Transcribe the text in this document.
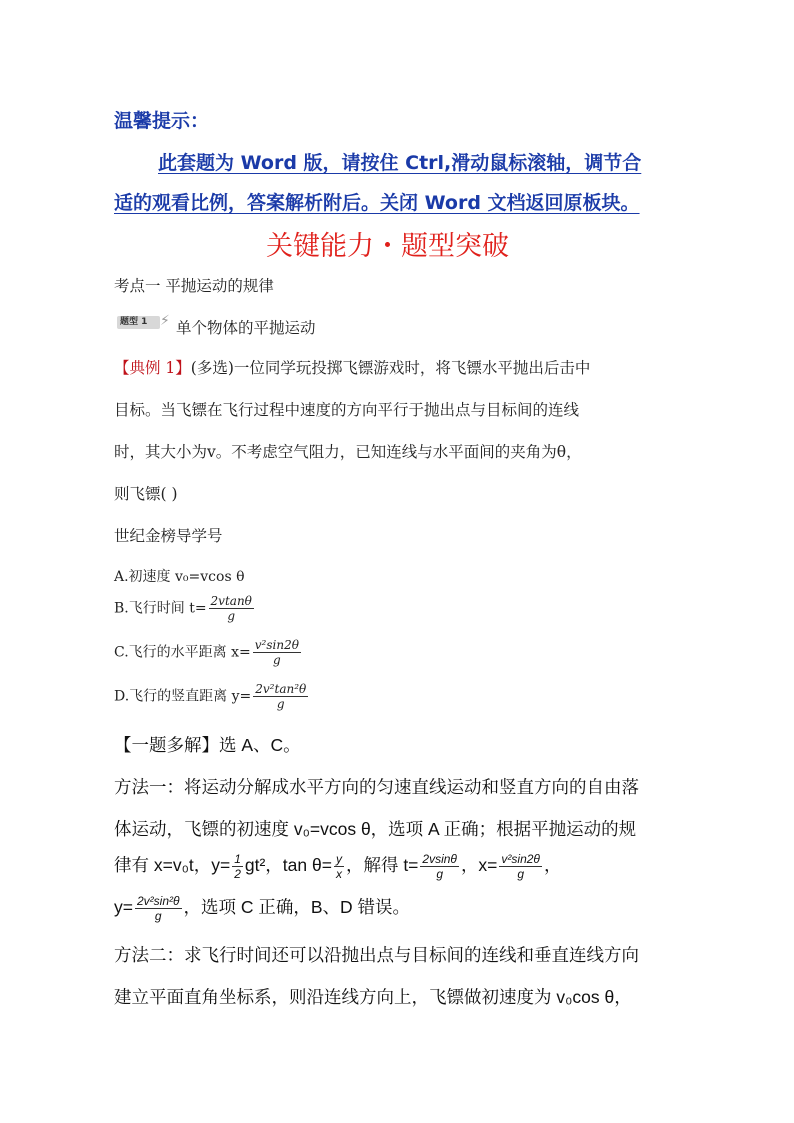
温馨提示：
此套题为 Word 版，请按住 Ctrl,滑动鼠标滚轴，调节合
适的观看比例，答案解析附后。关闭 Word 文档返回原板块。
关键能力・题型突破
考点一 平抛运动的规律
题型 1 ⚡ 单个物体的平抛运动
【典例 1】(多选)一位同学玩投掷飞镖游戏时，将飞镖水平抛出后击中
目标。当飞镖在飞行过程中速度的方向平行于抛出点与目标间的连线
时，其大小为v。不考虑空气阻力，已知连线与水平面间的夹角为θ，
则飞镖( )
世纪金榜导学号
A.初速度 v₀=vcos θ
B.飞行时间 $t= \frac{2vtan\theta}{g}$
C.飞行的水平距离 $x= \frac{\text{v²sin2θ}}{g}$
D.飞行的竖直距离 $y= \frac{\text{2v²tan²θ}}{g}$
【一题多解】选 A、C。
方法一：将运动分解成水平方向的匀速直线运动和竖直方向的自由落
体运动，飞镖的初速度 v₀=vcos θ，选项 A 正确；根据平抛运动的规
律有 x=v₀t，$y= \frac{1}{2} gt^2$，$\tan \theta= \frac{y}{x}$ ，解得 $t= \frac{2vsin\theta}{g}$ ，$x= \frac{\text{v²sin2θ}}{g}$ ，
$y= \frac{\text{2v²sin²θ}}{g}$ ，选项 C 正确，B、D 错误。
方法二：求飞行时间还可以沿抛出点与目标间的连线和垂直连线方向
建立平面直角坐标系，则沿连线方向上，飞镖做初速度为 v₀cos θ，
